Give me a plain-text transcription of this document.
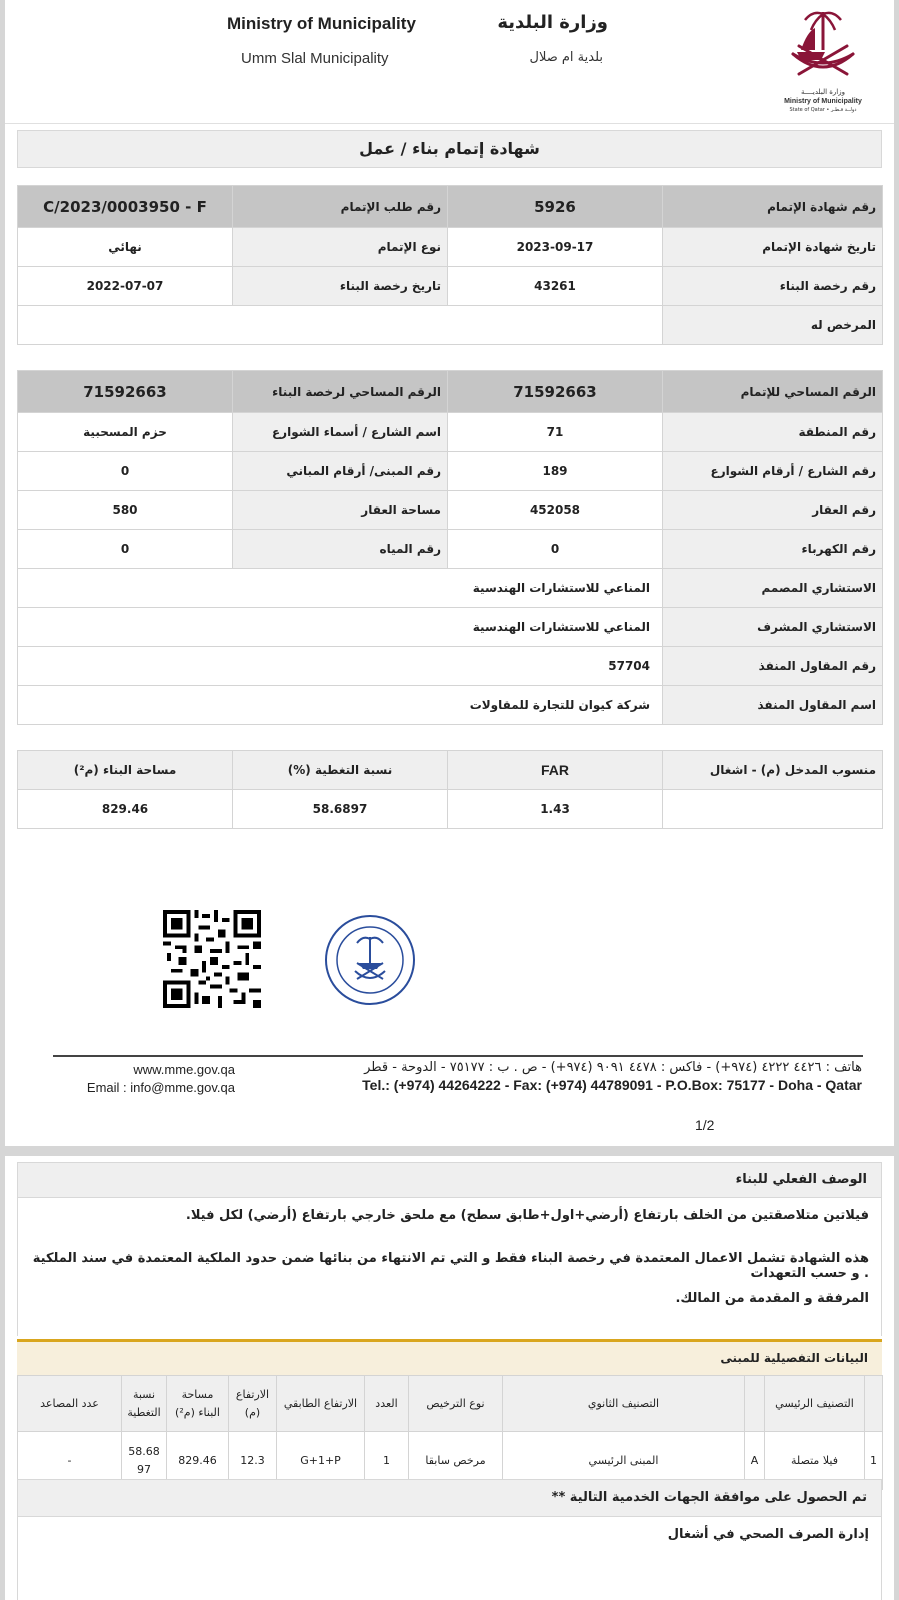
Ministry of Municipality
Umm Slal Municipality
وزارة البلدية
بلدية ام صلال
وزارة البلديــــة
Ministry of Municipality
State of Qatar • دولــة قـطـر
شهادة إتمام بناء / عمل
C/2023/0003950 - F	رقم طلب الإتمام	5926	رقم شهادة الإتمام
نهائي	نوع الإتمام	2023-09-17	تاريخ شهادة الإتمام
2022-07-07	تاريخ رخصة البناء	43261	رقم رخصة البناء
			المرخص له
71592663	الرقم المساحي لرخصة البناء	71592663	الرقم المساحي للإتمام
حزم المسحبية	اسم الشارع / أسماء الشوارع	71	رقم المنطقة
0	رقم المبنى/ أرقام المباني	189	رقم الشارع / أرقام الشوارع
580	مساحة العقار	452058	رقم العقار
0	رقم المياه	0	رقم الكهرباء
المناعي للاستشارات الهندسية			الاستشاري المصمم
المناعي للاستشارات الهندسية			الاستشاري المشرف
57704			رقم المقاول المنفذ
شركة كيوان للتجارة للمقاولات			اسم المقاول المنفذ
مساحة البناء (م²)	نسبة التغطية (%)	FAR	منسوب المدخل (م) - اشغال
829.46	58.6897	1.43	
هاتف : ٤٤٢٦ ٤٢٢٢ (٩٧٤+) - فاكس : ٤٤٧٨ ٩٠٩١ (٩٧٤+) - ص . ب : ٧٥١٧٧ - الدوحة - قطر
Tel.: (+974) 44264222 - Fax: (+974) 44789091 - P.O.Box: 75177 - Doha - Qatar
www.mme.gov.qa
Email : info@mme.gov.qa
1/2
الوصف الفعلي للبناء
فيلاتين متلاصقتين من الخلف بارتفاع (أرضي+اول+طابق سطح) مع ملحق خارجي بارتفاع (أرضي) لكل فيلا.
هذه الشهادة تشمل الاعمال المعتمدة في رخصة البناء فقط و التي تم الانتهاء من بنائها ضمن حدود الملكية المعتمدة في سند الملكية . و حسب التعهدات
المرفقة و المقدمة من المالك.
البيانات التفصيلية للمبنى
	التصنيف الرئيسي		التصنيف الثانوي	نوع الترخيص	العدد	الارتفاع الطابقي	الارتفاع (م)	مساحة البناء (م²)	نسبة التغطية	عدد المصاعد
1	فيلا متصلة	A	المبنى الرئيسي	مرخص سابقا	1	G+1+P	12.3	829.46	58.6897	-
تم الحصول على موافقة الجهات الخدمية التالية **
إدارة الصرف الصحي في أشغال
